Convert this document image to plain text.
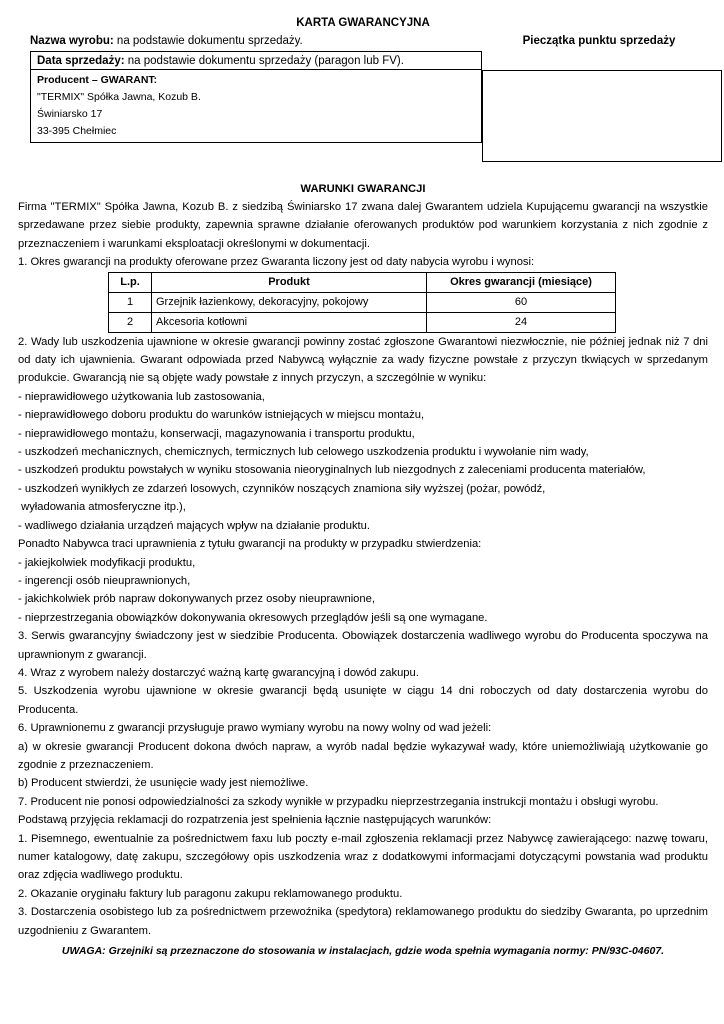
KARTA GWARANCYJNA
Nazwa wyrobu: na podstawie dokumentu sprzedaży.
Data sprzedaży: na podstawie dokumentu sprzedaży (paragon lub FV).
Producent – GWARANT:
"TERMIX" Spółka Jawna, Kozub B.
Świniarsko 17
33-395 Chełmiec
Pieczątka punktu sprzedaży
WARUNKI GWARANCJI

Firma "TERMIX" Spółka Jawna, Kozub B. z siedzibą Świniarsko 17 zwana dalej Gwarantem udziela Kupującemu gwarancji na wszystkie sprzedawane przez siebie produkty, zapewnia sprawne działanie oferowanych produktów pod warunkiem korzystania z nich zgodnie z przeznaczeniem i warunkami eksploatacji określonymi w dokumentacji.

1. Okres gwarancji na produkty oferowane przez Gwaranta liczony jest od daty nabycia wyrobu i wynosi:

L.p.	Produkt	Okres gwarancji (miesiące)
1	Grzejnik łazienkowy, dekoracyjny, pokojowy	60
2	Akcesoria kotłowni	24

2. Wady lub uszkodzenia ujawnione w okresie gwarancji powinny zostać zgłoszone Gwarantowi niezwłocznie, nie później jednak niż 7 dni od daty ich ujawnienia. Gwarant odpowiada przed Nabywcą wyłącznie za wady fizyczne powstałe z przyczyn tkwiących w sprzedanym produkcie. Gwarancją nie są objęte wady powstałe z innych przyczyn, a szczególnie w wyniku:

- nieprawidłowego użytkowania lub zastosowania,

- nieprawidłowego doboru produktu do warunków istniejących w miejscu montażu,

- nieprawidłowego montażu, konserwacji, magazynowania i transportu produktu,

- uszkodzeń mechanicznych, chemicznych, termicznych lub celowego uszkodzenia produktu i wywołanie nim wady,

- uszkodzeń produktu powstałych w wyniku stosowania nieoryginalnych lub niezgodnych z zaleceniami producenta materiałów,

- uszkodzeń wynikłych ze zdarzeń losowych, czynników noszących znamiona siły wyższej (pożar, powódź,

wyładowania atmosferyczne itp.),

- wadliwego działania urządzeń mających wpływ na działanie produktu.

Ponadto Nabywca traci uprawnienia z tytułu gwarancji na produkty w przypadku stwierdzenia:

- jakiejkolwiek modyfikacji produktu,

- ingerencji osób nieuprawnionych,

- jakichkolwiek prób napraw dokonywanych przez osoby nieuprawnione,

- nieprzestrzegania obowiązków dokonywania okresowych przeglądów jeśli są one wymagane.

3. Serwis gwarancyjny świadczony jest w siedzibie Producenta. Obowiązek dostarczenia wadliwego wyrobu do Producenta spoczywa na uprawnionym z gwarancji.

4. Wraz z wyrobem należy dostarczyć ważną kartę gwarancyjną i dowód zakupu.

5. Uszkodzenia wyrobu ujawnione w okresie gwarancji będą usunięte w ciągu 14 dni roboczych od daty dostarczenia wyrobu do Producenta.

6. Uprawnionemu z gwarancji przysługuje prawo wymiany wyrobu na nowy wolny od wad jeżeli:

a) w okresie gwarancji Producent dokona dwóch napraw, a wyrób nadal będzie wykazywał wady, które uniemożliwiają użytkowanie go zgodnie z przeznaczeniem.

b) Producent stwierdzi, że usunięcie wady jest niemożliwe.

7. Producent nie ponosi odpowiedzialności za szkody wynikłe w przypadku nieprzestrzegania instrukcji montażu i obsługi wyrobu.

Podstawą przyjęcia reklamacji do rozpatrzenia jest spełnienia łącznie następujących warunków:

1. Pisemnego, ewentualnie za pośrednictwem faxu lub poczty e-mail zgłoszenia reklamacji przez Nabywcę zawierającego: nazwę towaru, numer katalogowy, datę zakupu, szczegółowy opis uszkodzenia wraz z dodatkowymi informacjami dotyczącymi powstania wad produktu oraz zdjęcia wadliwego produktu.

2. Okazanie oryginału faktury lub paragonu zakupu reklamowanego produktu.

3. Dostarczenia osobistego lub za pośrednictwem przewoźnika (spedytora) reklamowanego produktu do siedziby Gwaranta, po uprzednim uzgodnieniu z Gwarantem.

UWAGA: Grzejniki są przeznaczone do stosowania w instalacjach, gdzie woda spełnia wymagania normy: PN/93C-04607.
